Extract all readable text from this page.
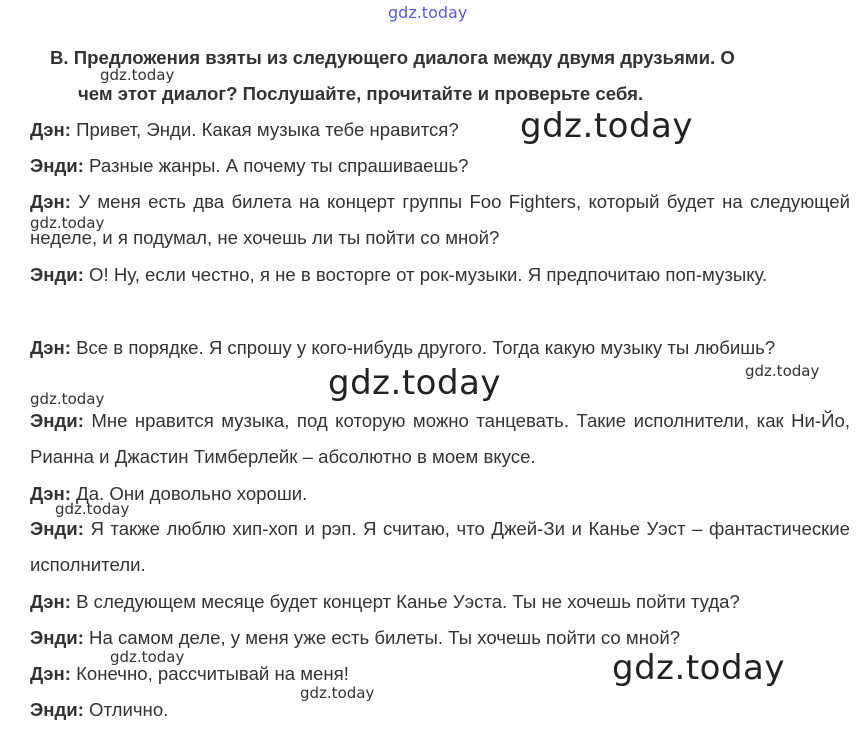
gdz.today
B. Предложения взяты из следующего диалога между двумя друзьями. О
чем этот диалог? Послушайте, прочитайте и проверьте себя.
Дэн: Привет, Энди. Какая музыка тебе нравится?
Энди: Разные жанры. А почему ты спрашиваешь?
Дэн: У меня есть два билета на концерт группы Foo Fighters, который будет на следующей неделе, и я подумал, не хочешь ли ты пойти со мной?
Энди: О! Ну, если честно, я не в восторге от рок-музыки. Я предпочитаю поп-музыку.
Дэн: Все в порядке. Я спрошу у кого-нибудь другого. Тогда какую музыку ты любишь?
Энди: Мне нравится музыка, под которую можно танцевать. Такие исполнители, как Ни-Йо, Рианна и Джастин Тимберлейк – абсолютно в моем вкусе.
Дэн: Да. Они довольно хороши.
Энди: Я также люблю хип-хоп и рэп. Я считаю, что Джей-Зи и Канье Уэст – фантастические исполнители.
Дэн: В следующем месяце будет концерт Канье Уэста. Ты не хочешь пойти туда?
Энди: На самом деле, у меня уже есть билеты. Ты хочешь пойти со мной?
Дэн: Конечно, рассчитывай на меня!
Энди: Отлично.
gdz.today
gdz.today
gdz.today
gdz.today	gdz.today
gdz.today
gdz.today
gdz.today	gdz.today
gdz.today
